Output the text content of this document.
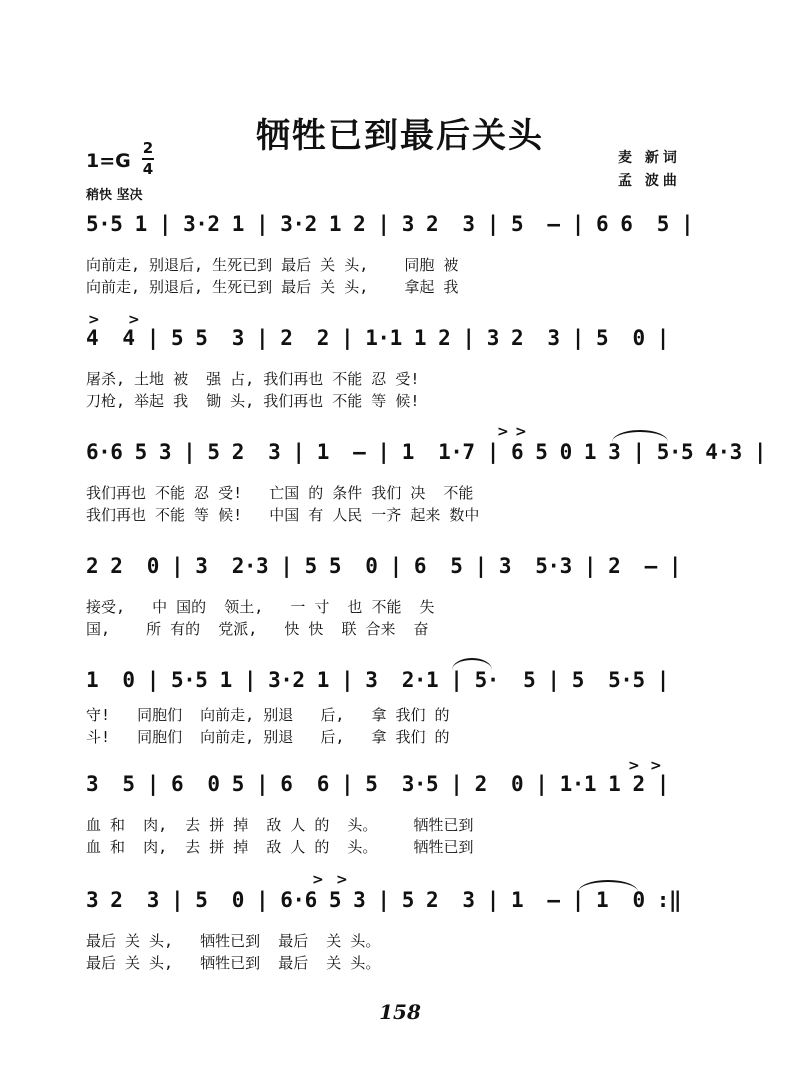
牺牲已到最后关头
1=G
2
4
稍快 坚决
麦 新词
孟 波曲
5·5 1 | 3·2 1 | 3·2 1 2 | 3 2  3 | 5  – | 6 6  5 |
向前走, 别退后, 生死已到 最后 关 头,    同胞 被
向前走, 别退后, 生死已到 最后 关 头,    拿起 我
> >
4  4 | 5 5  3 | 2  2 | 1·1 1 2 | 3 2  3 | 5  0 |
屠杀, 土地 被  强 占, 我们再也 不能 忍 受!
刀枪, 举起 我  锄 头, 我们再也 不能 等 候!
> >
6·6 5 3 | 5 2  3 | 1  – | 1  1·7 | 6 5 0 1 3 | 5·5 4·3 |
我们再也 不能 忍 受!   亡国 的 条件 我们 决  不能
我们再也 不能 等 候!   中国 有 人民 一齐 起来 数中
2 2  0 | 3  2·3 | 5 5  0 | 6  5 | 3  5·3 | 2  – |
接受,   中 国的  领土,   一 寸  也 不能  失
国,    所 有的  党派,   快 快  联 合来  奋
1  0 | 5·5 1 | 3·2 1 | 3  2·1 | 5·  5 | 5  5·5 |
守!   同胞们  向前走, 别退   后,   拿 我们 的
斗!   同胞们  向前走, 别退   后,   拿 我们 的
> >
3  5 | 6  0 5 | 6  6 | 5  3·5 | 2  0 | 1·1 1 2 |
血 和  肉,  去 拼 掉  敌 人 的  头。    牺牲已到
血 和  肉,  去 拼 掉  敌 人 的  头。    牺牲已到
> >
3 2  3 | 5  0 | 6·6 5 3 | 5 2  3 | 1  – | 1  0 :‖
最后 关 头,   牺牲已到  最后  关 头。
最后 关 头,   牺牲已到  最后  关 头。
158
